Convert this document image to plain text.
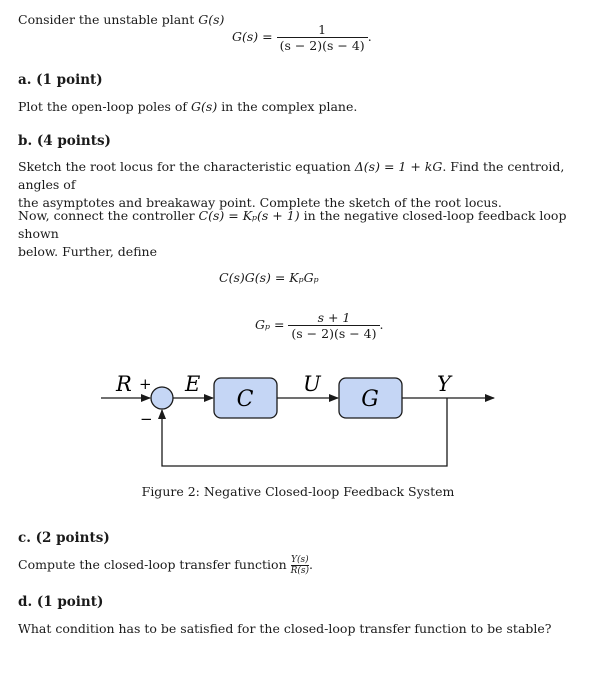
Consider the unstable plant G(s)
$G(s) = \frac{1}{(s - 2)(s - 4)}$ .
a. (1 point)
Plot the open-loop poles of G(s) in the complex plane.
b. (4 points)
Sketch the root locus for the characteristic equation Δ(s) = 1 + kG. Find the centroid, angles of
the asymptotes and breakaway point. Complete the sketch of the root locus.
Now, connect the controller C(s) = Kₚ(s + 1) in the negative closed-loop feedback loop shown
below. Further, define
C(s)G(s) = KₚGₚ
$G_p = \frac{s + 1}{(s - 2)(s - 4)}$ .
R + E
−
C
U
G
Y
Figure 2: Negative Closed-loop Feedback System
c. (2 points)
Compute the closed-loop transfer function $\frac{Y(s)}{R(s)}$ .
d. (1 point)
What condition has to be satisfied for the closed-loop transfer function to be stable?
